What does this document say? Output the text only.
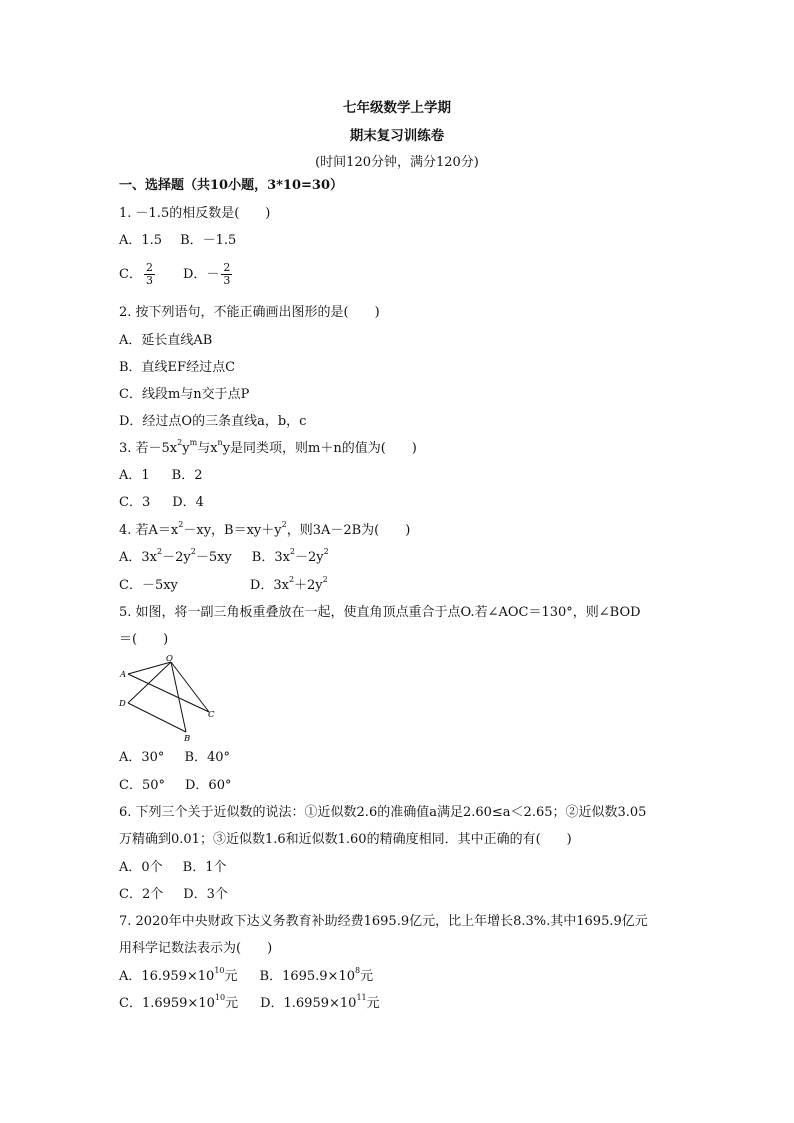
七年级数学上学期
期末复习训练卷
(时间120分钟，满分120分)
一、选择题（共10小题，3*10=30）
1. －1.5的相反数是(　　)
A．1.5 B．－1.5
C． $\frac{2}{3}$ D．－ $\frac{2}{3}$
2. 按下列语句，不能正确画出图形的是(　　)
A．延长直线AB
B．直线EF经过点C
C．线段m与n交于点P
D．经过点O的三条直线a，b，c
3. 若$-5x^2y^m$与$x^ny$是同类项，则m＋n的值为(　　)
A．1 B．2
C．3 D．4
4. 若$A=x^2-xy$，$B=xy+y^2$，则3A－2B为(　　)
A．$3x^2-2y^2-5xy$ B．$3x^2-2y^2$
C．－5xy	D．$3x^2+2y^2$
5. 如图，将一副三角板重叠放在一起，使直角顶点重合于点O.若∠AOC＝130°，则∠BOD
＝(　　)
O
A
D
C
B
A．30° B．40°
C．50° D．60°
6. 下列三个关于近似数的说法：①近似数2.6的准确值a满足2.60≤a＜2.65；②近似数3.05
万精确到0.01；③近似数1.6和近似数1.60的精确度相同．其中正确的有(　　)
A．0个 B．1个
C．2个 D．3个
7. 2020年中央财政下达义务教育补助经费1695.9亿元，比上年增长8.3%.其中1695.9亿元
用科学记数法表示为(　　)
A．$16.959\times 10^{10}$元 B．$1695.9\times 10^8$元
C．$1.6959\times 10^{10}$元 D．$1.6959\times 10^{11}$元
